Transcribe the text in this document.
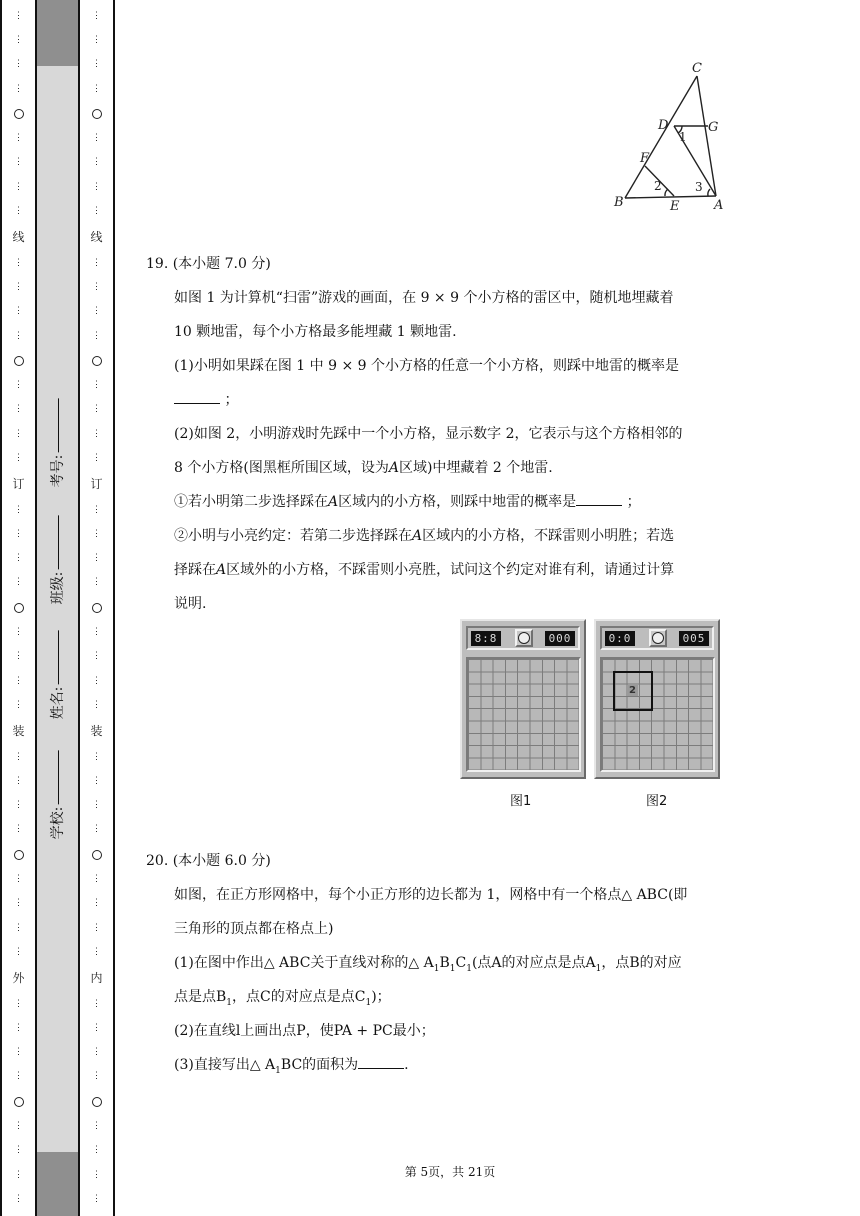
⋮
⋮
⋮
⋮
⋮
⋮
⋮
⋮
线
⋮
⋮
⋮
⋮
⋮
⋮
⋮
⋮
订
⋮
⋮
⋮
⋮
⋮
⋮
⋮
⋮
装
⋮
⋮
⋮
⋮
⋮
⋮
⋮
⋮
外
⋮
⋮
⋮
⋮
⋮
⋮
⋮
⋮
学校:
姓名:
班级:
考号:
⋮
⋮
⋮
⋮
⋮
⋮
⋮
⋮
线
⋮
⋮
⋮
⋮
⋮
⋮
⋮
⋮
订
⋮
⋮
⋮
⋮
⋮
⋮
⋮
⋮
装
⋮
⋮
⋮
⋮
⋮
⋮
⋮
⋮
内
⋮
⋮
⋮
⋮
⋮
⋮
⋮
⋮
C
D	G
F
B	E	A
1
2	3
19. (本小题 7.0 分)
如图 1 为计算机“扫雷”游戏的画面，在 9 × 9 个小方格的雷区中，随机地埋藏着
10 颗地雷，每个小方格最多能埋藏 1 颗地雷.
(1)小明如果踩在图 1 中 9 × 9 个小方格的任意一个小方格，则踩中地雷的概率是
；
(2)如图 2，小明游戏时先踩中一个小方格，显示数字 2，它表示与这个方格相邻的
8 个小方格(图黑框所围区域，设为A区域)中埋藏着 2 个地雷.
①若小明第二步选择踩在A区域内的小方格，则踩中地雷的概率是	；
②小明与小亮约定：若第二步选择踩在A区域内的小方格，不踩雷则小明胜；若选
择踩在A区域外的小方格，不踩雷则小亮胜，试问这个约定对谁有利，请通过计算
说明.
8:8	000
图1
0:0	005
2
图2
20. (本小题 6.0 分)
如图，在正方形网格中，每个小正方形的边长都为 1，网格中有一个格点△ ABC(即
三角形的顶点都在格点上)
(1)在图中作出△ ABC关于直线对称的△ $A_1B_1C_1$(点A的对应点是点$A_1$，点B的对应
点是点$B_1$，点C的对应点是点$C_1$)；
(2)在直线l上画出点P，使PA + PC最小；
(3)直接写出△ $A_1BC$的面积为	.
第 5页，共 21页
